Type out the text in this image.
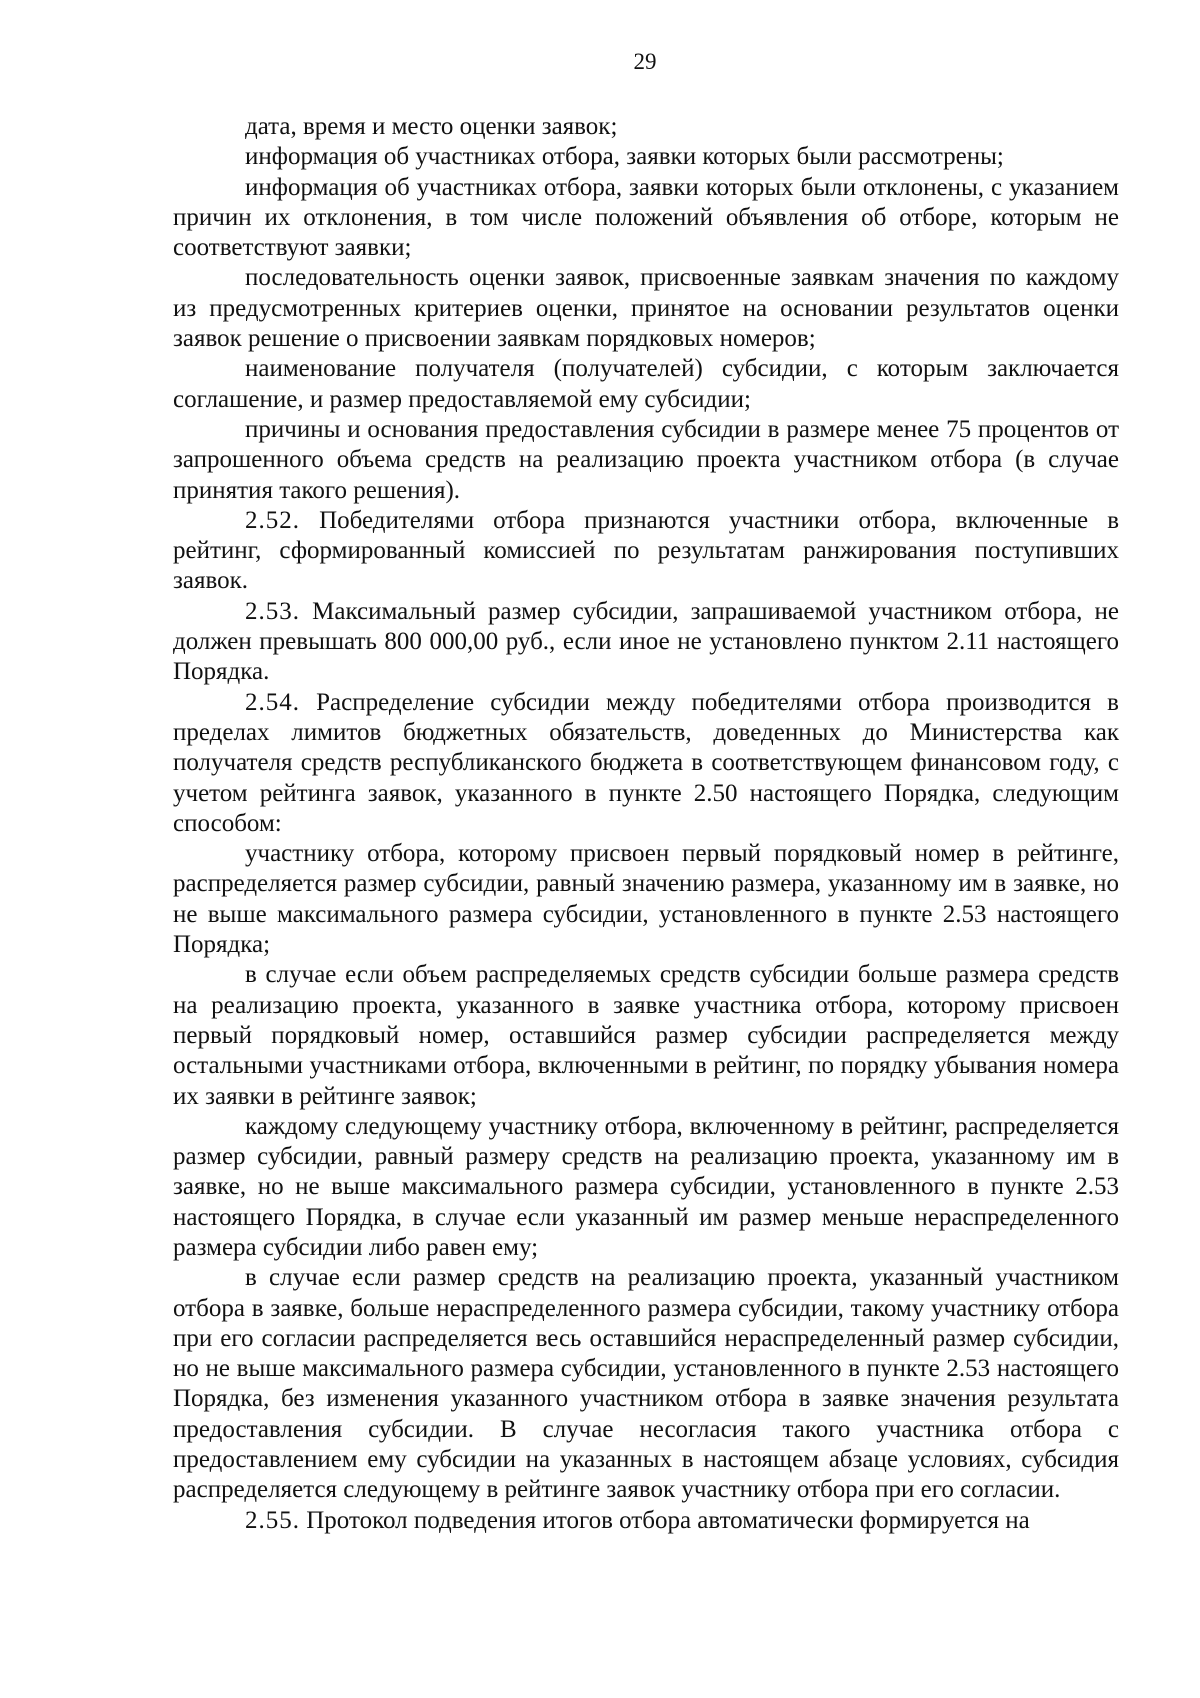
29

дата, время и место оценки заявок;

информация об участниках отбора, заявки которых были рассмотрены;

информация об участниках отбора, заявки которых были отклонены, с указанием причин их отклонения, в том числе положений объявления об отборе, которым не соответствуют заявки;

последовательность оценки заявок, присвоенные заявкам значения по каждому из предусмотренных критериев оценки, принятое на основании результатов оценки заявок решение о присвоении заявкам порядковых номеров;

наименование получателя (получателей) субсидии, с которым заключается соглашение, и размер предоставляемой ему субсидии;

причины и основания предоставления субсидии в размере менее 75 процентов от запрошенного объема средств на реализацию проекта участником отбора (в случае принятия такого решения).

2.52. Победителями отбора признаются участники отбора, включенные в рейтинг, сформированный комиссией по результатам ранжирования поступивших заявок.

2.53. Максимальный размер субсидии, запрашиваемой участником отбора, не должен превышать 800 000,00 руб., если иное не установлено пунктом 2.11 настоящего Порядка.

2.54. Распределение субсидии между победителями отбора производится в пределах лимитов бюджетных обязательств, доведенных до Министерства как получателя средств республиканского бюджета в соответствующем финансовом году, с учетом рейтинга заявок, указанного в пункте 2.50 настоящего Порядка, следующим способом:

участнику отбора, которому присвоен первый порядковый номер в рейтинге, распределяется размер субсидии, равный значению размера, указанному им в заявке, но не выше максимального размера субсидии, установленного в пункте 2.53 настоящего Порядка;

в случае если объем распределяемых средств субсидии больше размера средств на реализацию проекта, указанного в заявке участника отбора, которому присвоен первый порядковый номер, оставшийся размер субсидии распределяется между остальными участниками отбора, включенными в рейтинг, по порядку убывания номера их заявки в рейтинге заявок;

каждому следующему участнику отбора, включенному в рейтинг, распределяется размер субсидии, равный размеру средств на реализацию проекта, указанному им в заявке, но не выше максимального размера субсидии, установленного в пункте 2.53 настоящего Порядка, в случае если указанный им размер меньше нераспределенного размера субсидии либо равен ему;

в случае если размер средств на реализацию проекта, указанный участником отбора в заявке, больше нераспределенного размера субсидии, такому участнику отбора при его согласии распределяется весь оставшийся нераспределенный размер субсидии, но не выше максимального размера субсидии, установленного в пункте 2.53 настоящего Порядка, без изменения указанного участником отбора в заявке значения результата предоставления субсидии. В случае несогласия такого участника отбора с предоставлением ему субсидии на указанных в настоящем абзаце условиях, субсидия распределяется следующему в рейтинге заявок участнику отбора при его согласии.

2.55. Протокол подведения итогов отбора автоматически формируется на
